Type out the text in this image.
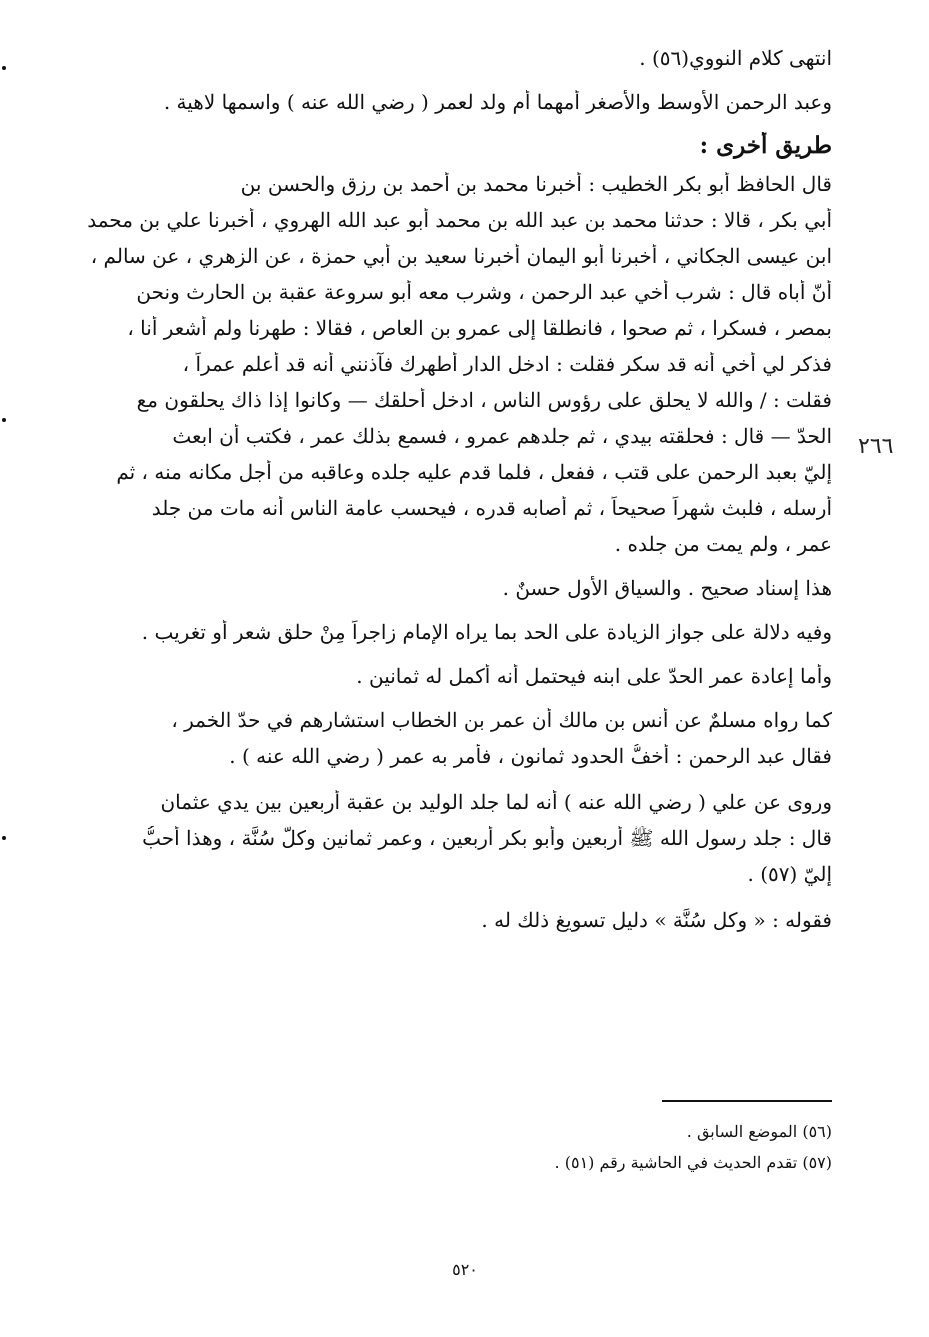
انتهى كلام النووي(٥٦) .
وعبد الرحمن الأوسط والأصغر أمهما أم ولد لعمر ( رضي الله عنه ) واسمها لاهية .
طريق أخرى :
قال الحافظ أبو بكر الخطيب : أخبرنا محمد بن أحمد بن رزق والحسن بن
أبي بكر ، قالا : حدثنا محمد بن عبد الله بن محمد أبو عبد الله الهروي ، أخبرنا علي بن محمد
ابن عيسى الجكاني ، أخبرنا أبو اليمان أخبرنا سعيد بن أبي حمزة ، عن الزهري ، عن سالم ،
أنّ أباه قال : شرب أخي عبد الرحمن ، وشرب معه أبو سروعة عقبة بن الحارث ونحن
بمصر ، فسكرا ، ثم صحوا ، فانطلقا إلى عمرو بن العاص ، فقالا : طهرنا ولم أشعر أنا ،
فذكر لي أخي أنه قد سكر فقلت : ادخل الدار أطهرك فآذنني أنه قد أعلم عمراً ،
فقلت : / والله لا يحلق على رؤوس الناس ، ادخل أحلقك — وكانوا إذا ذاك يحلقون مع
الحدّ — قال : فحلقته بيدي ، ثم جلدهم عمرو ، فسمع بذلك عمر ، فكتب أن ابعث
إليّ بعبد الرحمن على قتب ، ففعل ، فلما قدم عليه جلده وعاقبه من أجل مكانه منه ، ثم
أرسله ، فلبث شهراً صحيحاً ، ثم أصابه قدره ، فيحسب عامة الناس أنه مات من جلد
عمر ، ولم يمت من جلده .
هذا إسناد صحيح . والسياق الأول حسنٌ .
وفيه دلالة على جواز الزيادة على الحد بما يراه الإمام زاجراً مِنْ حلق شعرٍ أو تغريب .
وأما إعادة عمر الحدّ على ابنه فيحتمل أنه أكمل له ثمانين .
كما رواه مسلمٌ عن أنس بن مالك أن عمر بن الخطاب استشارهم في حدّ الخمر ،
فقال عبد الرحمن : أخفُّ الحدود ثمانون ، فأمر به عمر ( رضي الله عنه ) .
وروى عن علي ( رضي الله عنه ) أنه لما جلد الوليد بن عقبة أربعين بين يدي عثمان
قال : جلد رسول الله ﷺ أربعين وأبو بكر أربعين ، وعمر ثمانين وكلٌّ سُنَّة ، وهذا أحبُّ
إليّ (٥٧) .
فقوله : « وكل سُنَّة » دليل تسويغ ذلك له .
٢٦٦
(٥٦) الموضع السابق .
(٥٧) تقدم الحديث في الحاشية رقم (٥١) .
٥٢٠
